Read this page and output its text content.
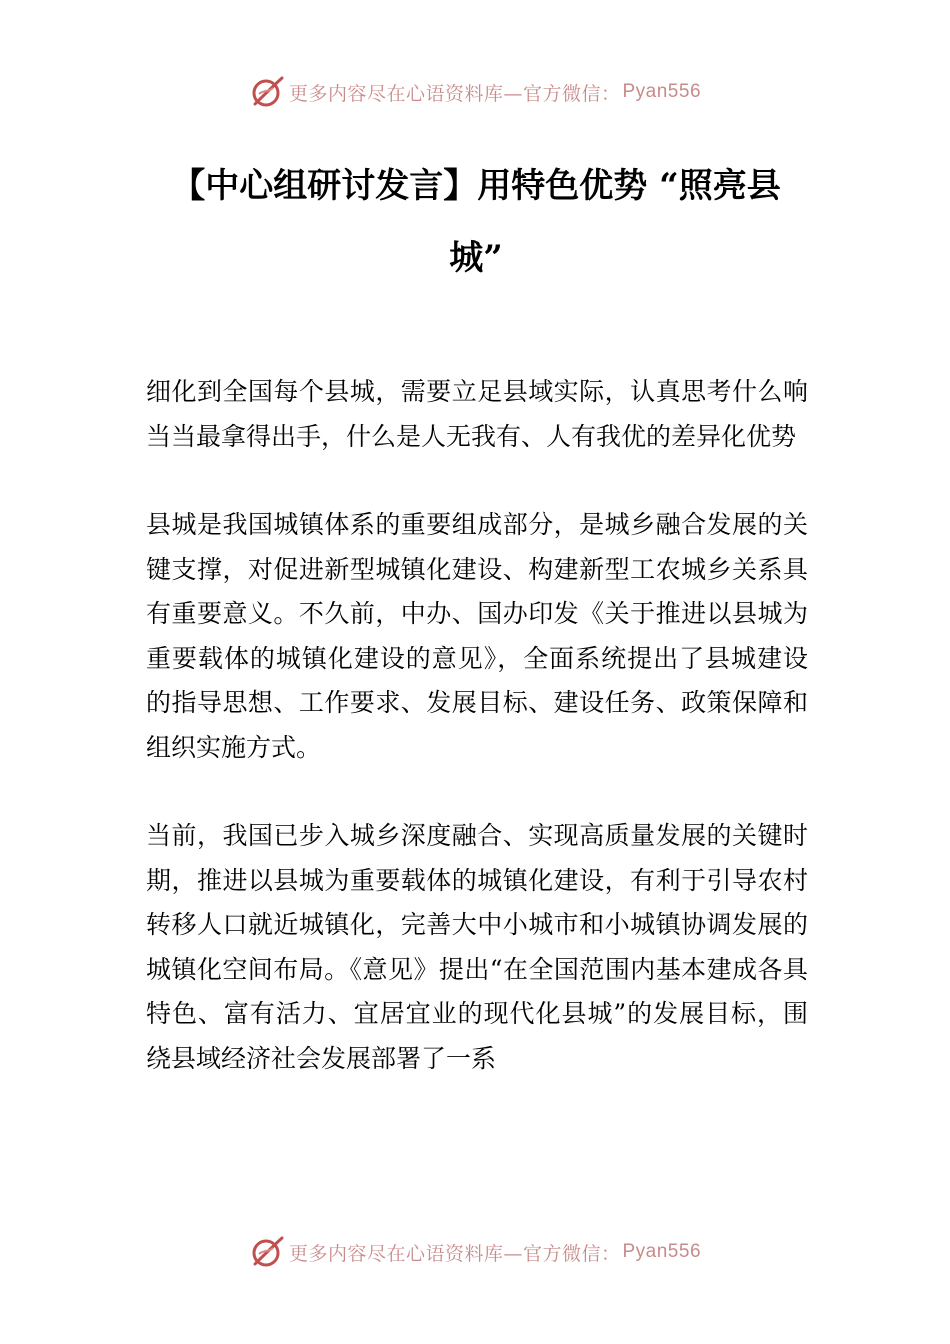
更多内容尽在心语资料库—官方微信： Pyan556
【中心组研讨发言】用特色优势 “照亮县城”

细化到全国每个县城，需要立足县域实际，认真思考什么响当当最拿得出手，什么是人无我有、人有我优的差异化优势

县城是我国城镇体系的重要组成部分，是城乡融合发展的关键支撑，对促进新型城镇化建设、构建新型工农城乡关系具有重要意义。不久前，中办、国办印发《关于推进以县城为重要载体的城镇化建设的意见》，全面系统提出了县城建设的指导思想、工作要求、发展目标、建设任务、政策保障和组织实施方式。

当前，我国已步入城乡深度融合、实现高质量发展的关键时期，推进以县城为重要载体的城镇化建设，有利于引导农村转移人口就近城镇化，完善大中小城市和小城镇协调发展的城镇化空间布局。《意见》提出“在全国范围内基本建成各具特色、富有活力、宜居宜业的现代化县城”的发展目标，围绕县域经济社会发展部署了一系

更多内容尽在心语资料库—官方微信： Pyan556
